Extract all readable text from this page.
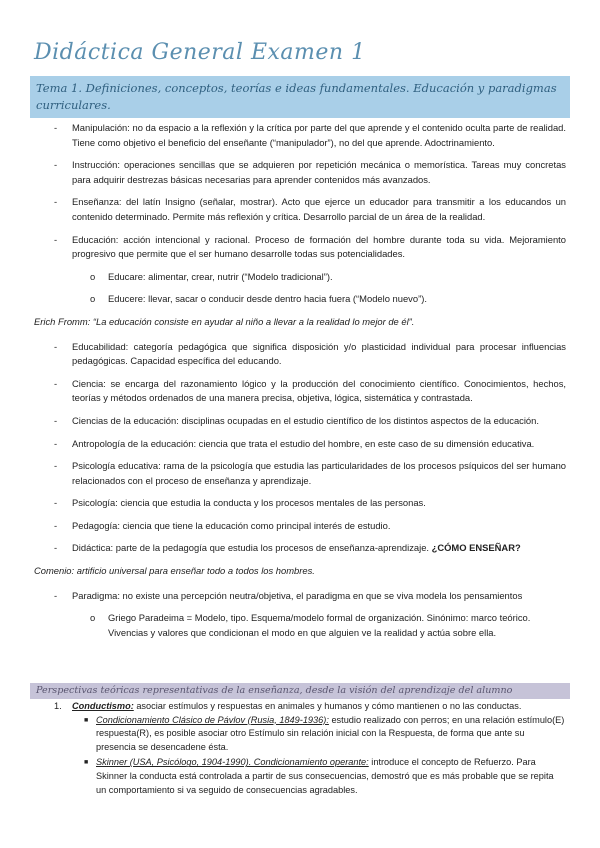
Didáctica General Examen 1
Tema 1. Definiciones, conceptos, teorías e ideas fundamentales. Educación y paradigmas curriculares.
- Manipulación: no da espacio a la reflexión y la crítica por parte del que aprende y el contenido oculta parte de realidad. Tiene como objetivo el beneficio del enseñante (“manipulador”), no del que aprende. Adoctrinamiento.
- Instrucción: operaciones sencillas que se adquieren por repetición mecánica o memorística. Tareas muy concretas para adquirir destrezas básicas necesarias para aprender contenidos más avanzados.
- Enseñanza: del latín Insigno (señalar, mostrar). Acto que ejerce un educador para transmitir a los educandos un contenido determinado. Permite más reflexión y crítica. Desarrollo parcial de un área de la realidad.
- Educación: acción intencional y racional. Proceso de formación del hombre durante toda su vida. Mejoramiento progresivo que permite que el ser humano desarrolle todas sus potencialidades.
o Educare: alimentar, crear, nutrir (“Modelo tradicional”).
o Educere: llevar, sacar o conducir desde dentro hacia fuera (“Modelo nuevo”).
Erich Fromm: “La educación consiste en ayudar al niño a llevar a la realidad lo mejor de él”.
- Educabilidad: categoría pedagógica que significa disposición y/o plasticidad individual para procesar influencias pedagógicas. Capacidad específica del educando.
- Ciencia: se encarga del razonamiento lógico y la producción del conocimiento científico. Conocimientos, hechos, teorías y métodos ordenados de una manera precisa, objetiva, lógica, sistemática y contrastada.
- Ciencias de la educación: disciplinas ocupadas en el estudio científico de los distintos aspectos de la educación.
- Antropología de la educación: ciencia que trata el estudio del hombre, en este caso de su dimensión educativa.
- Psicología educativa: rama de la psicología que estudia las particularidades de los procesos psíquicos del ser humano relacionados con el proceso de enseñanza y aprendizaje.
- Psicología: ciencia que estudia la conducta y los procesos mentales de las personas.
- Pedagogía: ciencia que tiene la educación como principal interés de estudio.
- Didáctica: parte de la pedagogía que estudia los procesos de enseñanza-aprendizaje. ¿CÓMO ENSEÑAR?
Comenio: artificio universal para enseñar todo a todos los hombres.
- Paradigma: no existe una percepción neutra/objetiva, el paradigma en que se viva modela los pensamientos
o Griego Paradeima = Modelo, tipo. Esquema/modelo formal de organización. Sinónimo: marco teórico. Vivencias y valores que condicionan el modo en que alguien ve la realidad y actúa sobre ella.
Perspectivas teóricas representativas de la enseñanza, desde la visión del aprendizaje del alumno
1. Conductismo: asociar estímulos y respuestas en animales y humanos y cómo mantienen o no las conductas.
■ Condicionamiento Clásico de Pávlov (Rusia, 1849-1936): estudio realizado con perros; en una relación estímulo(E) respuesta(R), es posible asociar otro Estímulo sin relación inicial con la Respuesta, de forma que ante su presencia se desencadene ésta.
■ Skinner (USA, Psicólogo, 1904-1990). Condicionamiento operante: introduce el concepto de Refuerzo. Para Skinner la conducta está controlada a partir de sus consecuencias, demostró que es más probable que se repita un comportamiento si va seguido de consecuencias agradables.
